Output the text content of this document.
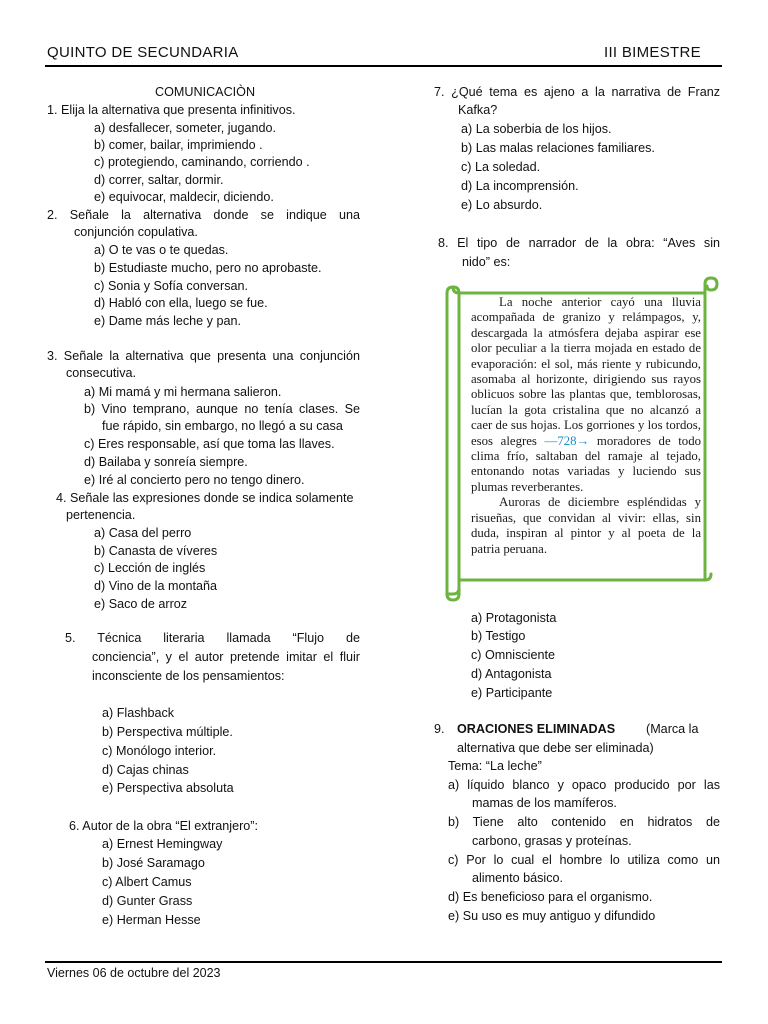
QUINTO DE SECUNDARIA	III BIMESTRE
Viernes 06 de octubre del 2023
COMUNICACIÒN
1. Elija la alternativa que presenta infinitivos.
a) desfallecer, someter, jugando.
b) comer, bailar, imprimiendo .
c) protegiendo, caminando, corriendo .
d) correr, saltar, dormir.
e) equivocar, maldecir, diciendo.
2. Señale la alternativa donde se indique una
conjunción copulativa.
a) O te vas o te quedas.
b) Estudiaste mucho, pero no aprobaste.
c) Sonia y Sofía conversan.
d) Habló con ella, luego se fue.
e) Dame más leche y pan.
3. Señale la alternativa que presenta una conjunción
consecutiva.
a) Mi mamá y mi hermana salieron.
b) Vino temprano, aunque no tenía clases. Se
fue rápido, sin embargo, no llegó a su casa
c) Eres responsable, así que toma las llaves.
d) Bailaba y sonreía siempre.
e) Iré al concierto pero no tengo dinero.
4. Señale las expresiones donde se indica solamente
pertenencia.
a) Casa del perro
b) Canasta de víveres
c) Lección de inglés
d) Vino de la montaña
e) Saco de arroz
5. Técnica literaria llamada “Flujo de
conciencia”, y el autor pretende imitar el fluir
inconsciente de los pensamientos:
a) Flashback
b) Perspectiva múltiple.
c) Monólogo interior.
d) Cajas chinas
e) Perspectiva absoluta
6. Autor de la obra “El extranjero”:
a) Ernest Hemingway
b) José Saramago
c) Albert Camus
d) Gunter Grass
e) Herman Hesse
7. ¿Qué tema es ajeno a la narrativa de Franz
Kafka?
a) La soberbia de los hijos.
b) Las malas relaciones familiares.
c) La soledad.
d) La incomprensión.
e) Lo absurdo.
8. El tipo de narrador de la obra: “Aves sin
nido” es:

La noche anterior cayó una lluvia acompañada de granizo y relámpagos, y, descargada la atmósfera dejaba aspirar ese olor peculiar a la tierra mojada en estado de evaporación: el sol, más riente y rubicundo, asomaba al horizonte, dirigiendo sus rayos oblicuos sobre las plantas que, temblorosas, lucían la gota cristalina que no alcanzó a caer de sus hojas. Los gorriones y los tordos, esos alegres —728→ moradores de todo clima frío, saltaban del ramaje al tejado, entonando notas variadas y luciendo sus plumas reverberantes.

Auroras de diciembre espléndidas y risueñas, que convidan al vivir: ellas, sin duda, inspiran al pintor y al poeta de la patria peruana.

a) Protagonista
b) Testigo
c) Omnisciente
d) Antagonista
e) Participante
9. ORACIONES ELIMINADAS (Marca la
alternativa que debe ser eliminada)
Tema: “La leche”
a) líquido blanco y opaco producido por las
mamas de los mamíferos.
b) Tiene alto contenido en hidratos de
carbono, grasas y proteínas.
c) Por lo cual el hombre lo utiliza como un
alimento básico.
d) Es beneficioso para el organismo.
e) Su uso es muy antiguo y difundido
